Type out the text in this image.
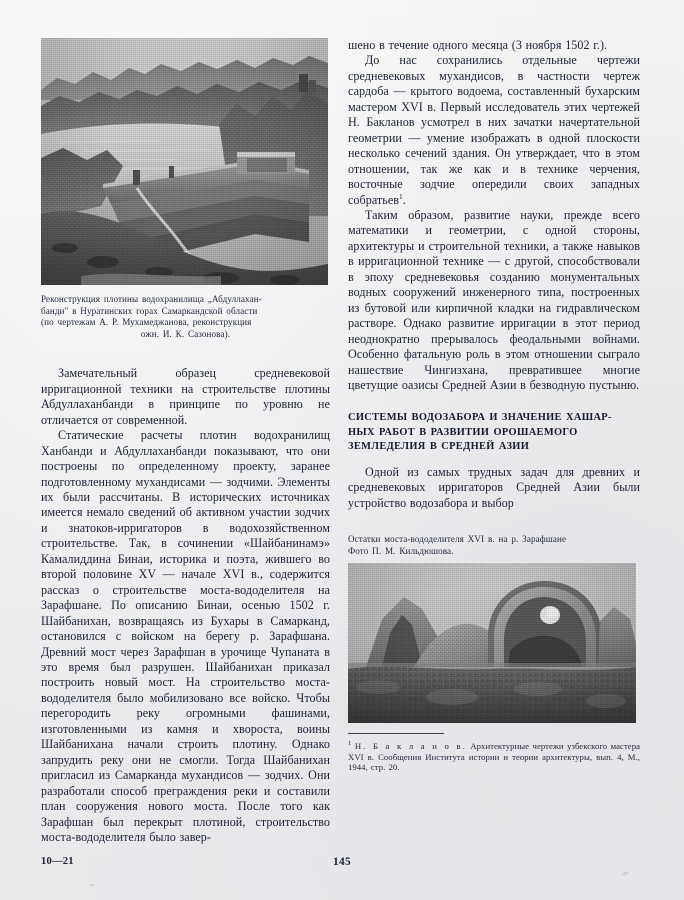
Реконструкция плотины водохранилища „Абдуллахан-
банди" в Нуратинских горах Самаркандской области
(по чертежам А. Р. Мухамеджанова, реконструкция
ожн. И. К. Сазонова).

Замечательный образец средневековой ирригационной техники на строительстве плотины Абдуллаханбанди в принципе по уровню не отличается от современной.

Статические расчеты плотин водохранилищ Ханбанди и Абдуллаханбанди показывают, что они построены по определенному проекту, заранее подготовленному мухандисами — зодчими. Элементы их были рассчитаны. В исторических источниках имеется немало сведений об активном участии зодчих и знатоков-ирригаторов в водохозяйственном строительстве. Так, в сочинении «Шайбанинамэ» Камалиддина Бинаи, историка и поэта, жившего во второй половине XV — начале XVI в., содержится рассказ о строительстве моста-вододелителя на Зарафшане. По описанию Бинаи, осенью 1502 г. Шайбанихан, возвращаясь из Бухары в Самарканд, остановился с войском на берегу р. Зарафшана. Древний мост через Зарафшан в урочище Чупаната в это время был разрушен. Шайбанихан приказал построить новый мост. На строительство моста-вододелителя было мобилизовано все войско. Чтобы перегородить реку огромными фашинами, изготовленными из камня и хвороста, воины Шайбанихана начали строить плотину. Однако запрудить реку они не смогли. Тогда Шайбанихан пригласил из Самарканда мухандисов — зодчих. Они разработали способ преграждения реки и составили план сооружения нового моста. После того как Зарафшан был перекрыт плотиной, строительство моста-вододелителя было завер-

шено в течение одного месяца (3 ноября 1502 г.).

До нас сохранились отдельные чертежи средневековых мухандисов, в частности чертеж сардоба — крытого водоема, составленный бухарским мастером XVI в. Первый исследователь этих чертежей Н. Бакланов усмотрел в них зачатки начертательной геометрии — умение изображать в одной плоскости несколько сечений здания. Он утверждает, что в этом отношении, так же как и в технике черчения, восточные зодчие опередили своих западных собратьев$^1$.

Таким образом, развитие науки, прежде всего математики и геометрии, с одной стороны, архитектуры и строительной техники, а также навыков в ирригационной технике — с другой, способствовали в эпоху средневековья созданию монументальных водных сооружений инженерного типа, построенных из бутовой или кирпичной кладки на гидравлическом растворе. Однако развитие ирригации в этот период неоднократно прерывалось феодальными войнами. Особенно фатальную роль в этом отношении сыграло нашествие Чингизхана, превратившее многие цветущие оазисы Средней Азии в безводную пустыню.

СИСТЕМЫ ВОДОЗАБОРА И ЗНАЧЕНИЕ ХАШАР-
НЫХ РАБОТ В РАЗВИТИИ ОРОШАЕМОГО
ЗЕМЛЕДЕЛИЯ В СРЕДНЕЙ АЗИИ

Одной из самых трудных задач для древних и средневековых ирригаторов Средней Азии были устройство водозабора и выбор

Остатки моста-вододелителя XVI в. на р. Зарафшане
Фото П. М. Кильдюшова.
$^1$ Н. Б а к л а н о в. Архитектурные чертежи узбекского мастера XVI в. Сообщения Института истории и теории архитектуры, вып. 4, М., 1944, стр. 20.
10—21	145
